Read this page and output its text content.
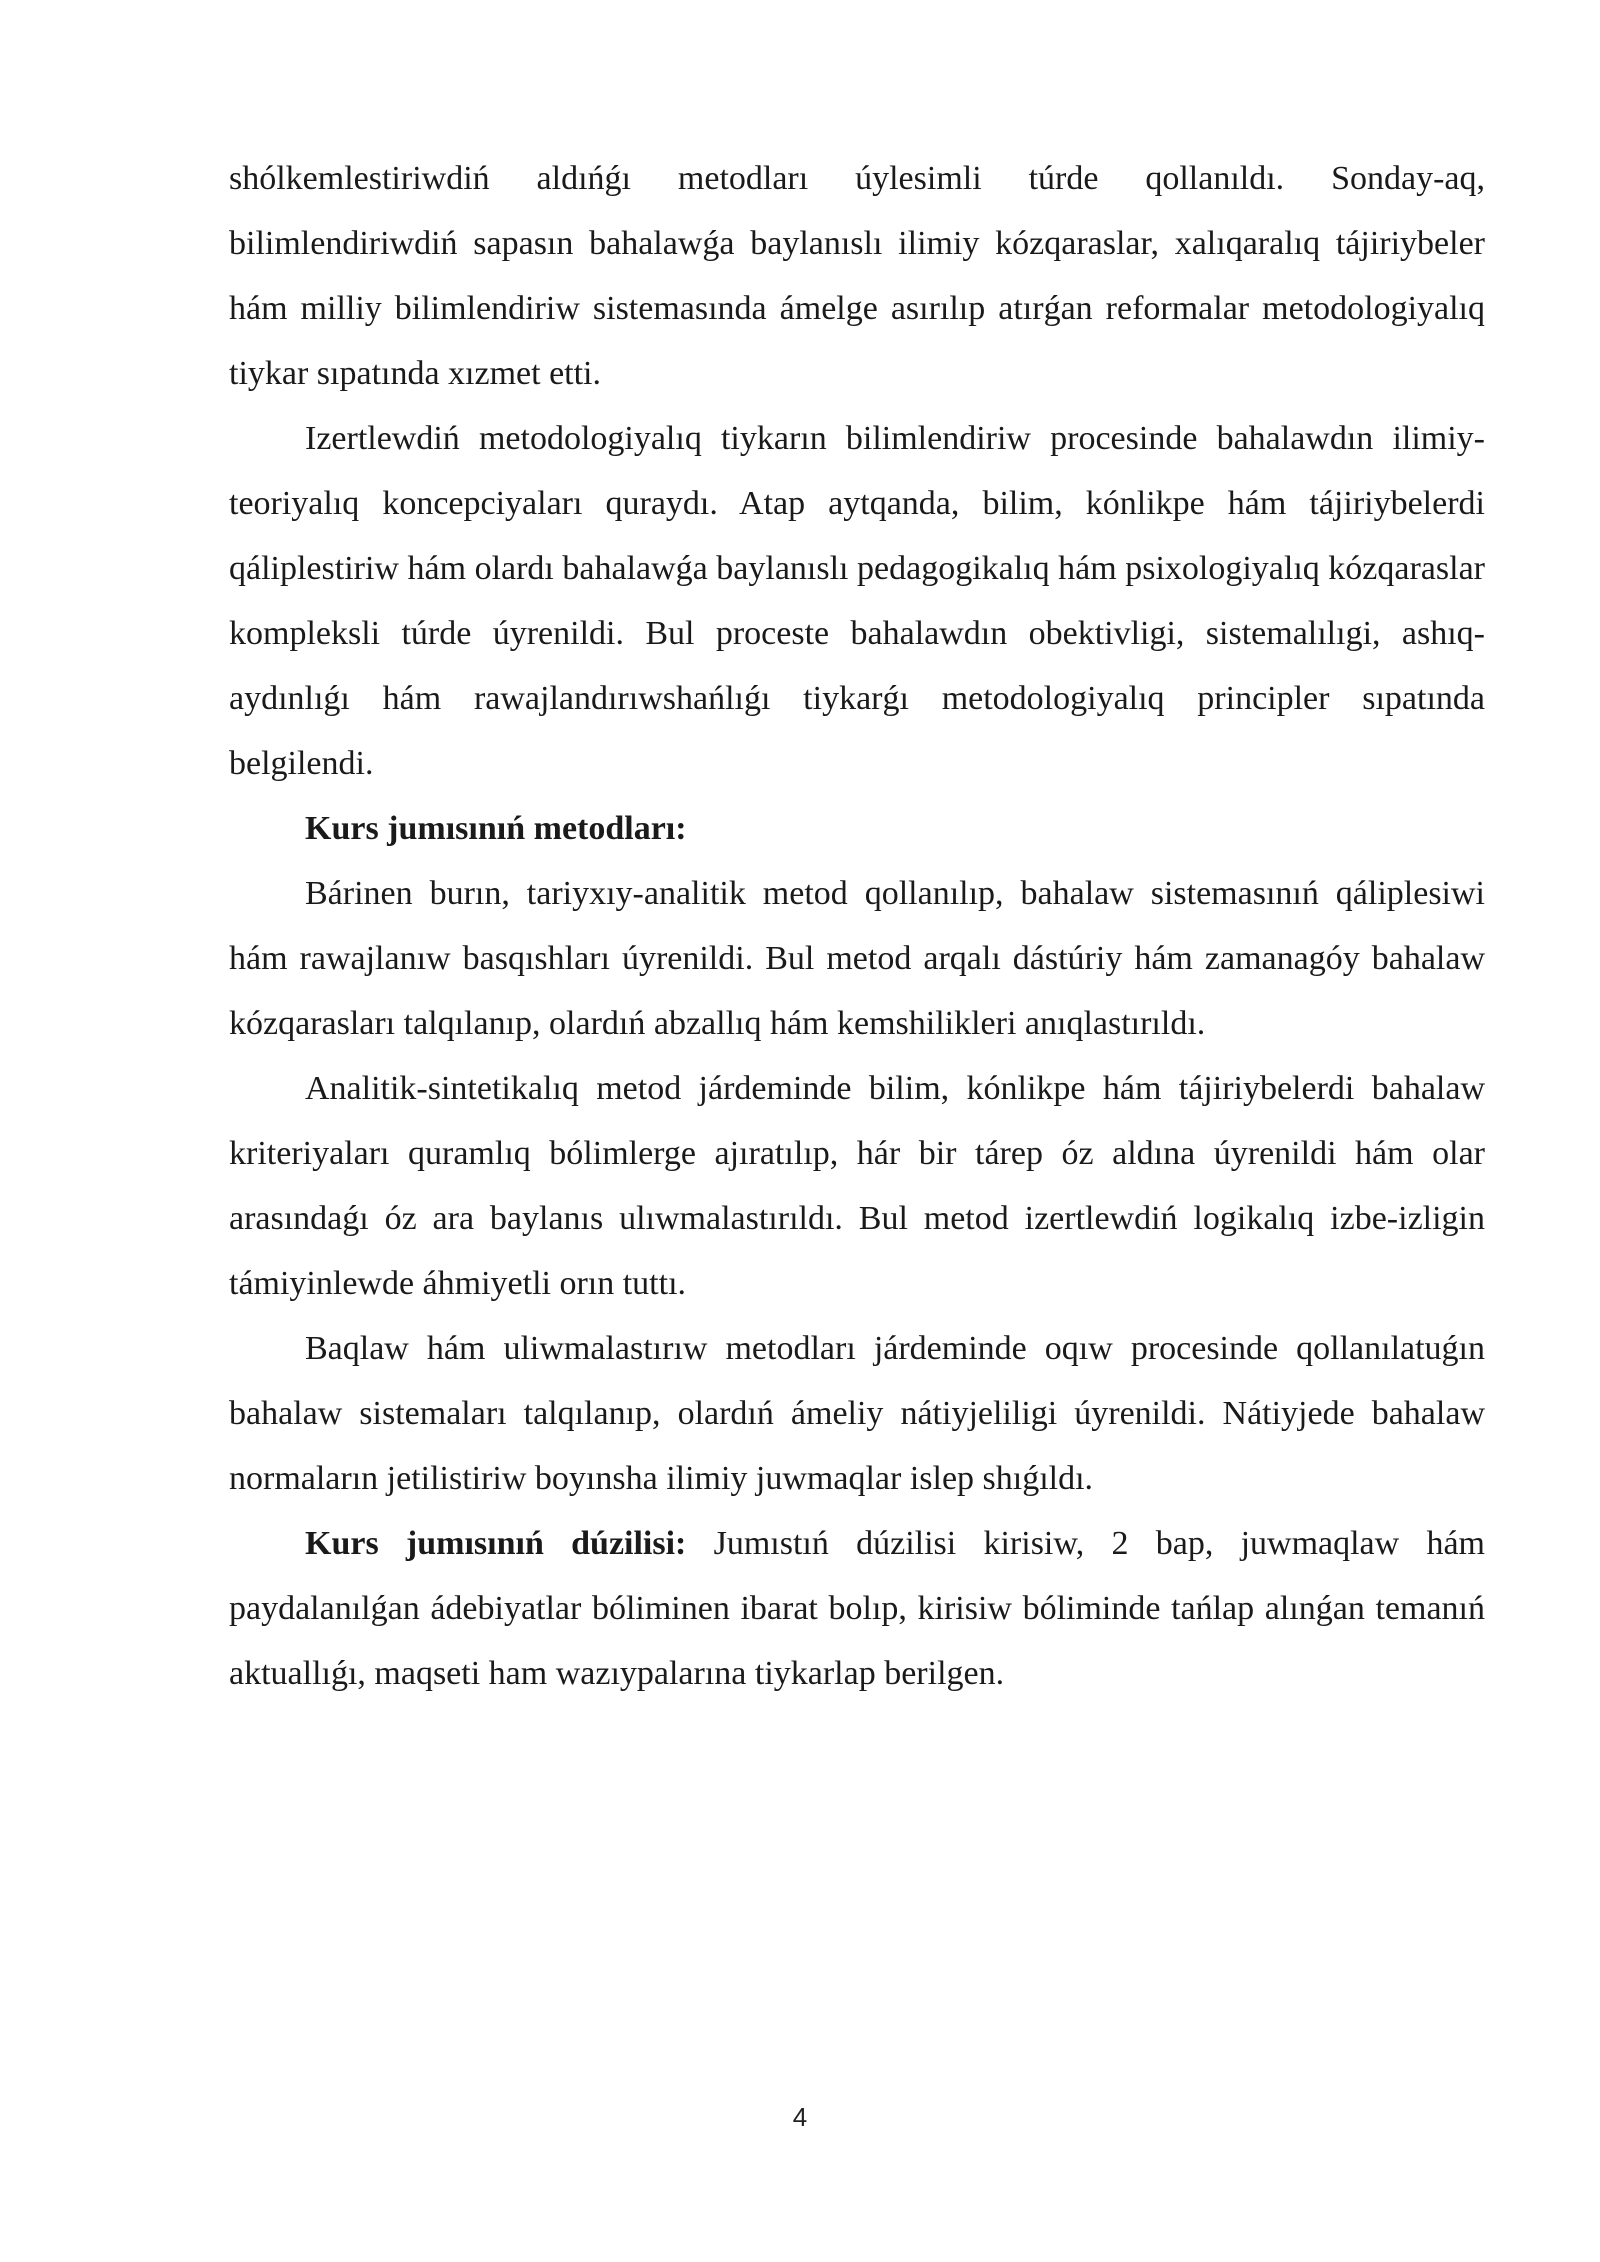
shólkemlestiriwdiń aldıńǵı metodları úylesimli túrde qollanıldı. Sonday-aq, bilimlendiriwdiń sapasın bahalawǵa baylanıslı ilimiy kózqaraslar, xalıqaralıq tájiriybeler hám milliy bilimlendiriw sistemasında ámelge asırılıp atırǵan reformalar metodologiyalıq tiykar sıpatında xızmet etti.

Izertlewdiń metodologiyalıq tiykarın bilimlendiriw procesinde bahalawdın ilimiy-teoriyalıq koncepciyaları quraydı. Atap aytqanda, bilim, kónlikpe hám tájiriybelerdi qáliplestiriw hám olardı bahalawǵa baylanıslı pedagogikalıq hám psixologiyalıq kózqaraslar kompleksli túrde úyrenildi. Bul proceste bahalawdın obektivligi, sistemalılıgi, ashıq-aydınlıǵı hám rawajlandırıwshańlıǵı tiykarǵı metodologiyalıq principler sıpatında belgilendi.

Kurs jumısınıń metodları:

Bárinen burın, tariyxıy-analitik metod qollanılıp, bahalaw sistemasınıń qáliplesiwi hám rawajlanıw basqıshları úyrenildi. Bul metod arqalı dástúriy hám zamanagóy bahalaw kózqarasları talqılanıp, olardıń abzallıq hám kemshilikleri anıqlastırıldı.

Analitik-sintetikalıq metod járdeminde bilim, kónlikpe hám tájiriybelerdi bahalaw kriteriyaları quramlıq bólimlerge ajıratılıp, hár bir tárep óz aldına úyrenildi hám olar arasındaǵı óz ara baylanıs ulıwmalastırıldı. Bul metod izertlewdiń logikalıq izbe-izligin támiyinlewde áhmiyetli orın tuttı.

Baqlaw hám uliwmalastırıw metodları járdeminde oqıw procesinde qollanılatuǵın bahalaw sistemaları talqılanıp, olardıń ámeliy nátiyjeliligi úyrenildi. Nátiyjede bahalaw normaların jetilistiriw boyınsha ilimiy juwmaqlar islep shıǵıldı.

Kurs jumısınıń dúzilisi: Jumıstıń dúzilisi kirisiw, 2 bap, juwmaqlaw hám paydalanılǵan ádebiyatlar bóliminen ibarat bolıp, kirisiw bóliminde tańlap alınǵan temanıń aktuallıǵı, maqseti ham wazıypalarına tiykarlap berilgen.

4
